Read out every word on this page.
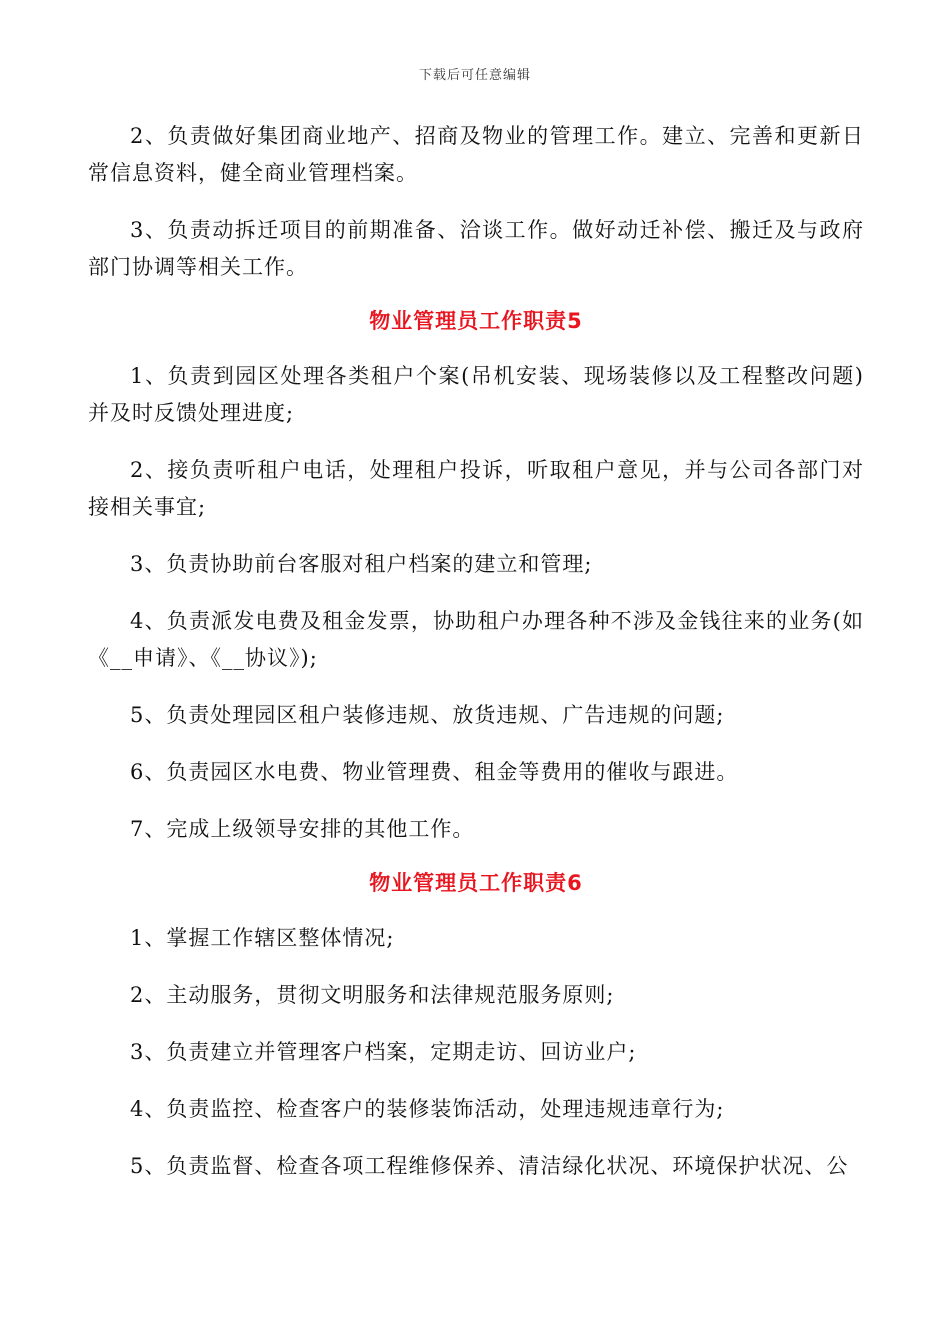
下载后可任意编辑

2、负责做好集团商业地产、招商及物业的管理工作。建立、完善和更新日常信息资料，健全商业管理档案。

3、负责动拆迁项目的前期准备、洽谈工作。做好动迁补偿、搬迁及与政府部门协调等相关工作。

物业管理员工作职责5

1、负责到园区处理各类租户个案(吊机安装、现场装修以及工程整改问题)并及时反馈处理进度;

2、接负责听租户电话，处理租户投诉，听取租户意见，并与公司各部门对接相关事宜;

3、负责协助前台客服对租户档案的建立和管理;

4、负责派发电费及租金发票，协助租户办理各种不涉及金钱往来的业务(如《__申请》、《__协议》);

5、负责处理园区租户装修违规、放货违规、广告违规的问题;

6、负责园区水电费、物业管理费、租金等费用的催收与跟进。

7、完成上级领导安排的其他工作。

物业管理员工作职责6

1、掌握工作辖区整体情况;

2、主动服务，贯彻文明服务和法律规范服务原则;

3、负责建立并管理客户档案，定期走访、回访业户;

4、负责监控、检查客户的装修装饰活动，处理违规违章行为;

5、负责监督、检查各项工程维修保养、清洁绿化状况、环境保护状况、公
